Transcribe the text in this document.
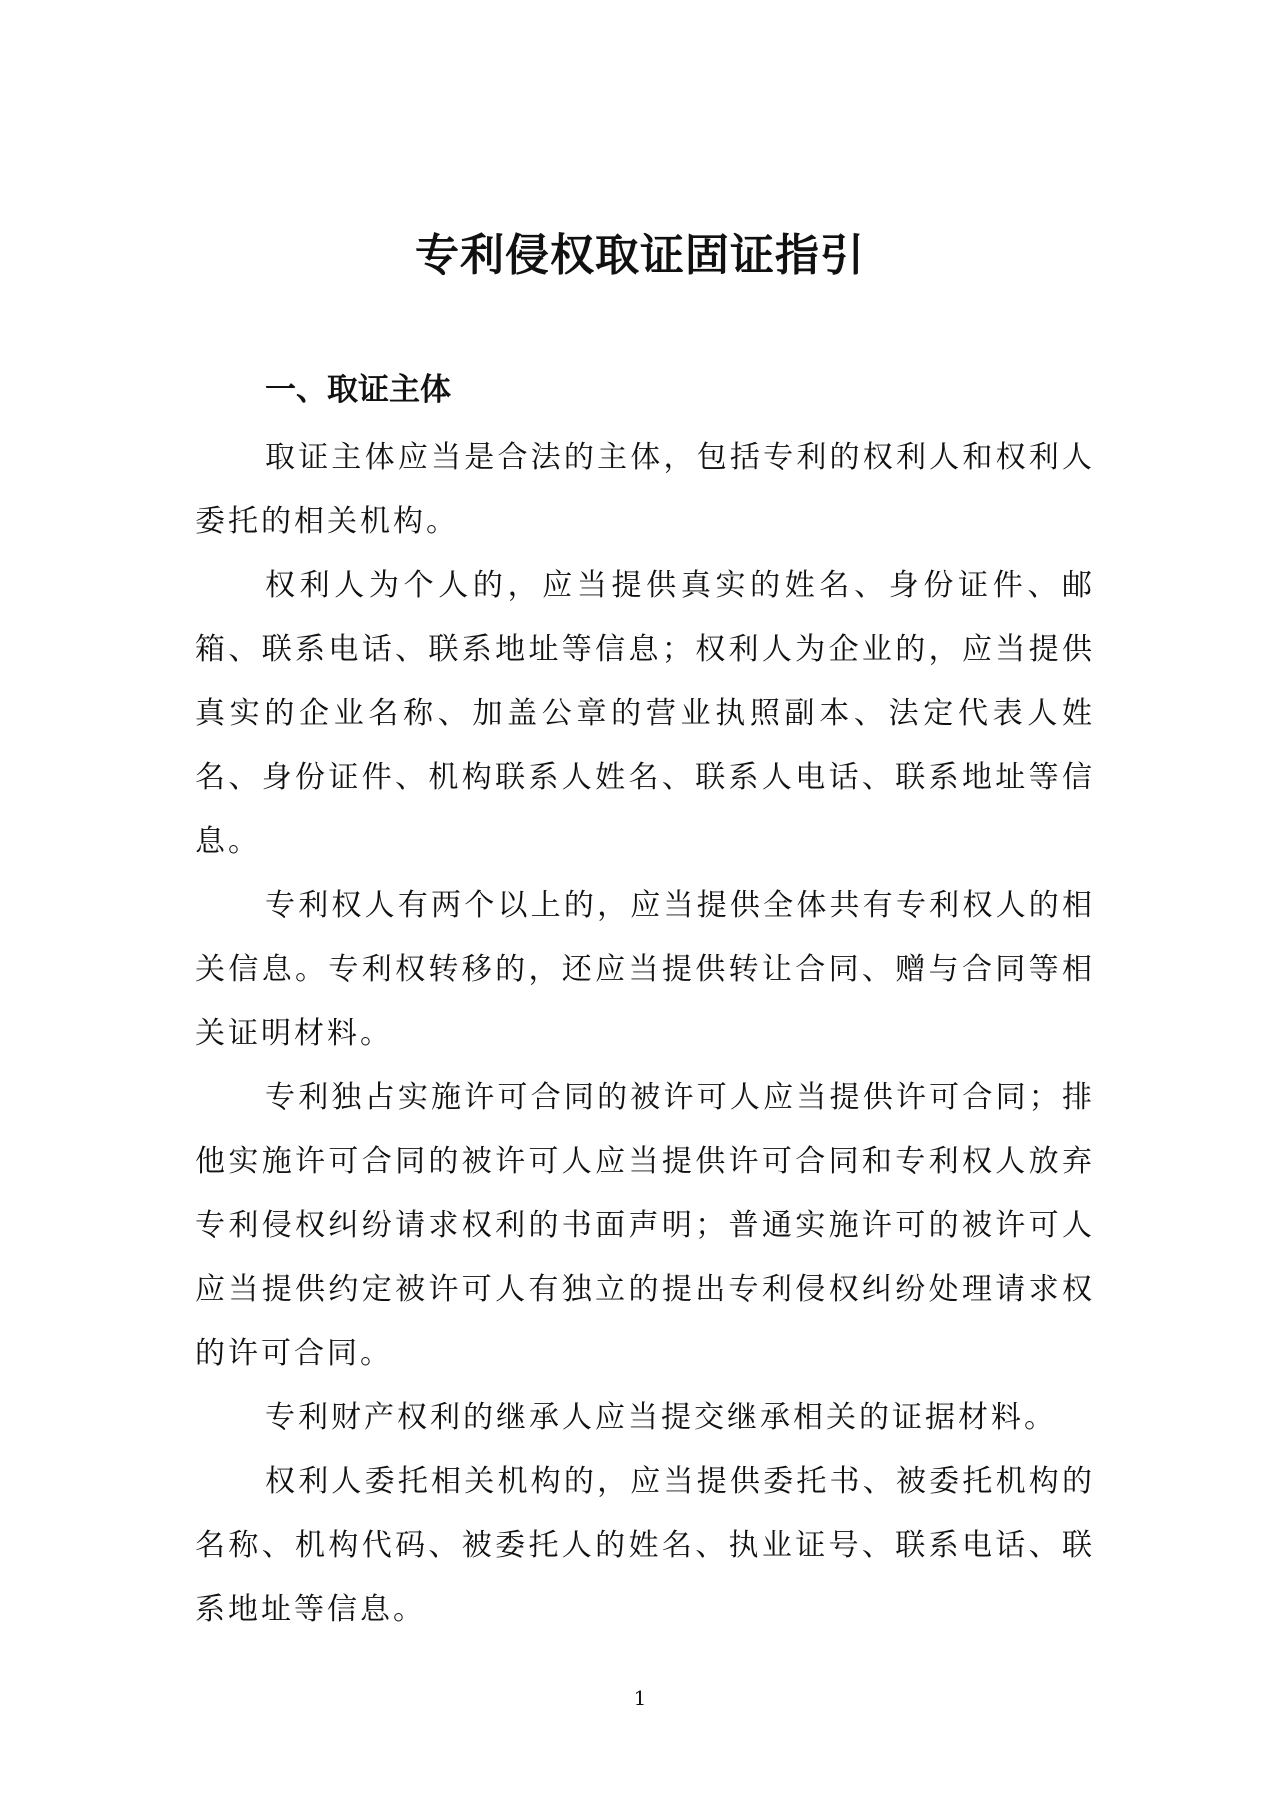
专利侵权取证固证指引
一、取证主体

取证主体应当是合法的主体，包括专利的权利人和权利人委托的相关机构。

权利人为个人的，应当提供真实的姓名、身份证件、邮箱、联系电话、联系地址等信息；权利人为企业的，应当提供真实的企业名称、加盖公章的营业执照副本、法定代表人姓名、身份证件、机构联系人姓名、联系人电话、联系地址等信息。

专利权人有两个以上的，应当提供全体共有专利权人的相关信息。专利权转移的，还应当提供转让合同、赠与合同等相关证明材料。

专利独占实施许可合同的被许可人应当提供许可合同；排他实施许可合同的被许可人应当提供许可合同和专利权人放弃专利侵权纠纷请求权利的书面声明；普通实施许可的被许可人应当提供约定被许可人有独立的提出专利侵权纠纷处理请求权的许可合同。

专利财产权利的继承人应当提交继承相关的证据材料。

权利人委托相关机构的，应当提供委托书、被委托机构的名称、机构代码、被委托人的姓名、执业证号、联系电话、联系地址等信息。

1
